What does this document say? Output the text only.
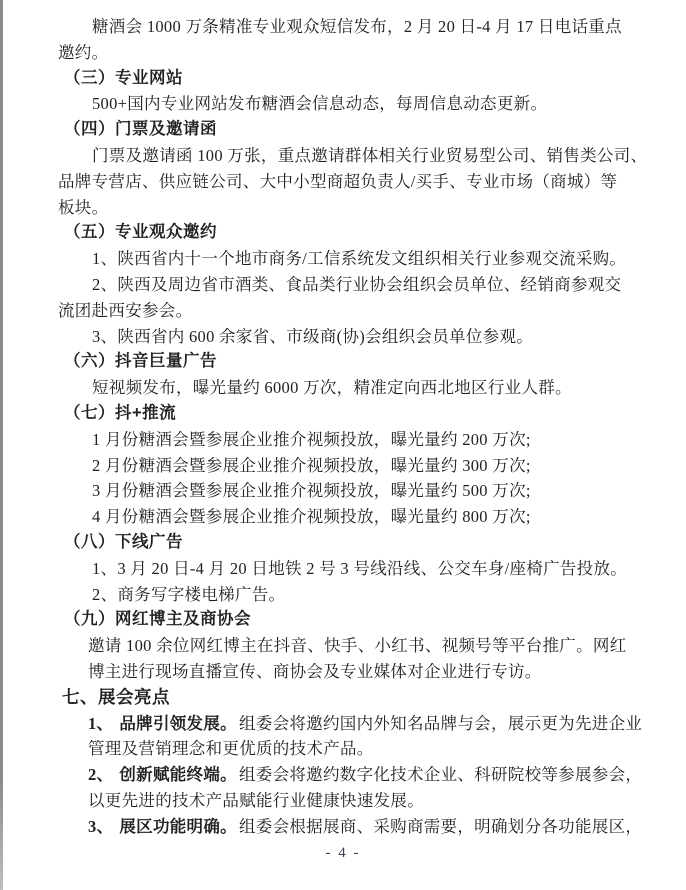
糖酒会 1000 万条精准专业观众短信发布，2 月 20 日-4 月 17 日电话重点
邀约。
（三）专业网站
500+国内专业网站发布糖酒会信息动态，每周信息动态更新。
（四）门票及邀请函
门票及邀请函 100 万张，重点邀请群体相关行业贸易型公司、销售类公司、
品牌专营店、供应链公司、大中小型商超负责人/买手、专业市场（商城）等
板块。
（五）专业观众邀约
1、陕西省内十一个地市商务/工信系统发文组织相关行业参观交流采购。
2、陕西及周边省市酒类、食品类行业协会组织会员单位、经销商参观交
流团赴西安参会。
3、陕西省内 600 余家省、市级商(协)会组织会员单位参观。
（六）抖音巨量广告
短视频发布，曝光量约 6000 万次，精准定向西北地区行业人群。
（七）抖+推流
1 月份糖酒会暨参展企业推介视频投放，曝光量约 200 万次;
2 月份糖酒会暨参展企业推介视频投放，曝光量约 300 万次;
3 月份糖酒会暨参展企业推介视频投放，曝光量约 500 万次;
4 月份糖酒会暨参展企业推介视频投放，曝光量约 800 万次;
（八）下线广告
1、3 月 20 日-4 月 20 日地铁 2 号 3 号线沿线、公交车身/座椅广告投放。
2、商务写字楼电梯广告。
（九）网红博主及商协会
邀请 100 余位网红博主在抖音、快手、小红书、视频号等平台推广。网红
博主进行现场直播宣传、商协会及专业媒体对企业进行专访。
七、展会亮点
1、 品牌引领发展。 组委会将邀约国内外知名品牌与会，展示更为先进企业
管理及营销理念和更优质的技术产品。
2、 创新赋能终端。 组委会将邀约数字化技术企业、科研院校等参展参会，
以更先进的技术产品赋能行业健康快速发展。
3、 展区功能明确。 组委会根据展商、采购商需要，明确划分各功能展区，
- 4 -
